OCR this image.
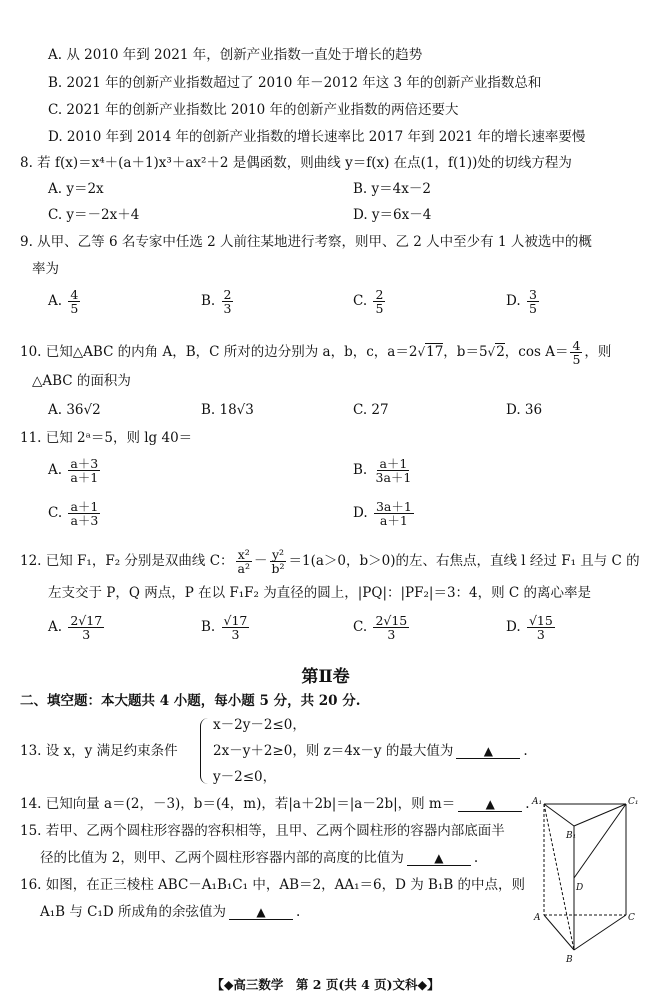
A. 从 2010 年到 2021 年，创新产业指数一直处于增长的趋势
B. 2021 年的创新产业指数超过了 2010 年－2012 年这 3 年的创新产业指数总和
C. 2021 年的创新产业指数比 2010 年的创新产业指数的两倍还要大
D. 2010 年到 2014 年的创新产业指数的增长速率比 2017 年到 2021 年的增长速率要慢
8. 若 f(x)＝x⁴＋(a＋1)x³＋ax²＋2 是偶函数，则曲线 y＝f(x) 在点(1，f(1))处的切线方程为
A. y＝2x	B. y＝4x－2
C. y＝－2x＋4	D. y＝6x－4
9. 从甲、乙等 6 名专家中任选 2 人前往某地进行考察，则甲、乙 2 人中至少有 1 人被选中的概
率为
A. $\frac{4}{5}$	B. $\frac{2}{3}$	C. $\frac{2}{5}$	D. $\frac{3}{5}$
10. 已知△ABC 的内角 A，B，C 所对的边分别为 a，b，c，a＝2√17，b＝5√2，$\cos A= \frac{4}{5}$ ，则
△ABC 的面积为
A. 36√2	B. 18√3	C. 27	D. 36
11. 已知 2ᵃ＝5，则 lg 40＝
A. $\frac{a+3}{a+1}$	B. $\frac{a+1}{3a+1}$
C. $\frac{a+1}{a+3}$	D. $\frac{3a+1}{a+1}$
12. 已知 F₁，F₂ 分别是双曲线 C： $\frac{\text{x²}}{\text{a²}} - \frac{\text{y²}}{\text{b²}} =1(a>0$，b＞0)的左、右焦点，直线 l 经过 F₁ 且与 C 的
左支交于 P，Q 两点，P 在以 F₁F₂ 为直径的圆上，|PQ|：|PF₂|＝3：4，则 C 的离心率是
A. $\frac{2√17}{3}$	B. $\frac{√17}{3}$	C. $\frac{2√15}{3}$	D. $\frac{√15}{3}$
第Ⅱ卷
二、填空题：本大题共 4 小题，每小题 5 分，共 20 分.
13. 设 x，y 满足约束条件
x－2y－2≤0，
2x－y＋2≥0，则 z＝4x－y 的最大值为	▲ .
y－2≤0，
14. 已知向量 a＝(2，－3)，b＝(4，m)，若|a＋2b|＝|a－2b|，则 m＝	▲ .
15. 若甲、乙两个圆柱形容器的容积相等，且甲、乙两个圆柱形的容器内部底面半
径的比值为 2，则甲、乙两个圆柱形容器内部的高度的比值为	▲ .
16. 如图，在正三棱柱 ABC－A₁B₁C₁ 中，AB＝2，AA₁＝6，D 为 B₁B 的中点，则
A₁B 与 C₁D 所成角的余弦值为	▲ .
A₁	C₁
B₁
D
A	C
B
【◆高三数学　第 2 页(共 4 页)文科◆】
